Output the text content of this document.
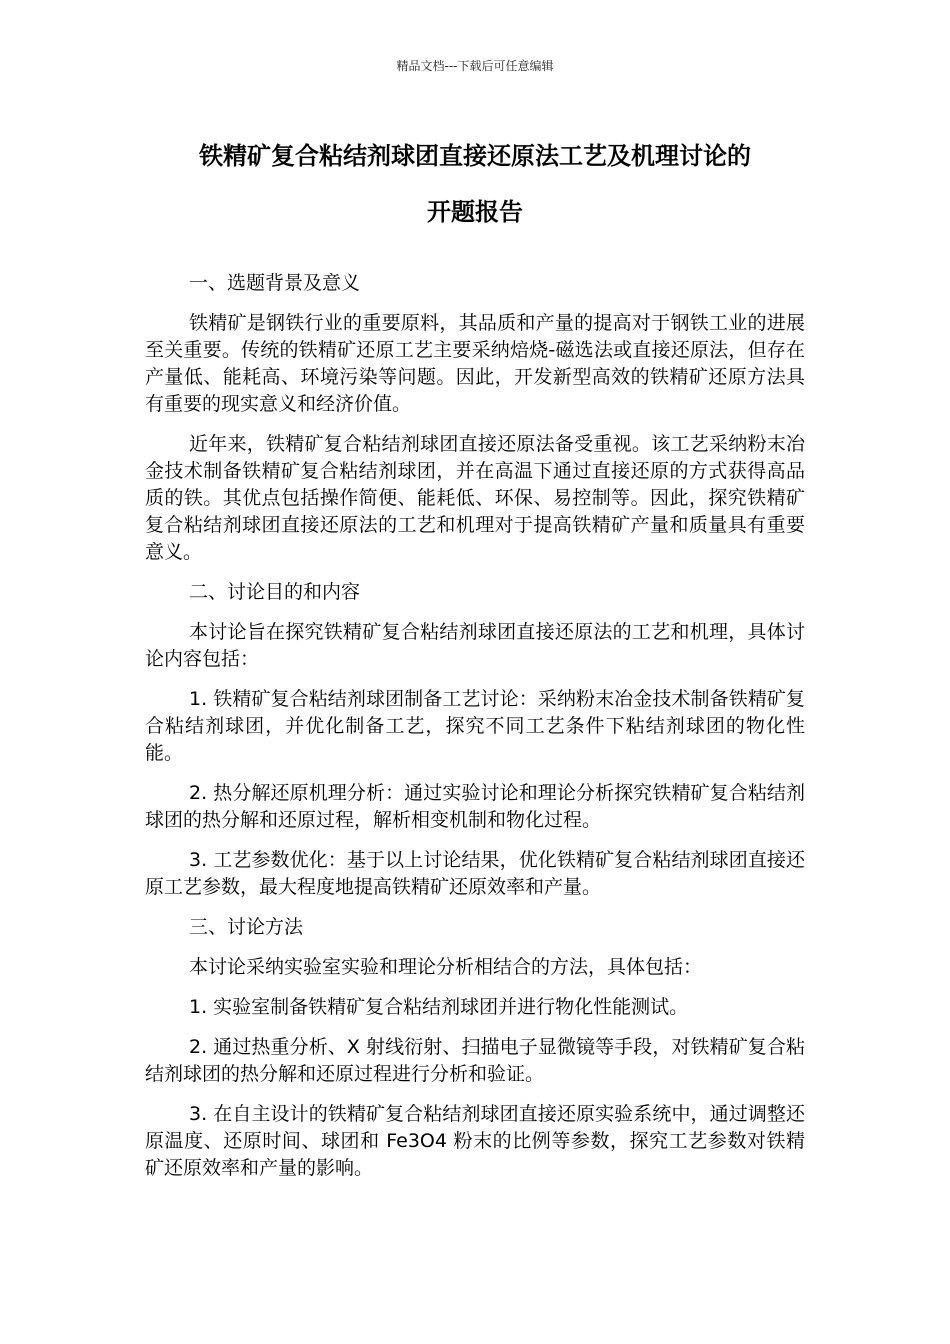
精品文档---下载后可任意编辑
铁精矿复合粘结剂球团直接还原法工艺及机理讨论的
开题报告

一、选题背景及意义

铁精矿是钢铁行业的重要原料，其品质和产量的提高对于钢铁工业的进展至关重要。传统的铁精矿还原工艺主要采纳焙烧-磁选法或直接还原法，但存在产量低、能耗高、环境污染等问题。因此，开发新型高效的铁精矿还原方法具有重要的现实意义和经济价值。

近年来，铁精矿复合粘结剂球团直接还原法备受重视。该工艺采纳粉末冶金技术制备铁精矿复合粘结剂球团，并在高温下通过直接还原的方式获得高品质的铁。其优点包括操作简便、能耗低、环保、易控制等。因此，探究铁精矿复合粘结剂球团直接还原法的工艺和机理对于提高铁精矿产量和质量具有重要意义。

二、讨论目的和内容

本讨论旨在探究铁精矿复合粘结剂球团直接还原法的工艺和机理，具体讨论内容包括：

1. 铁精矿复合粘结剂球团制备工艺讨论：采纳粉末冶金技术制备铁精矿复合粘结剂球团，并优化制备工艺，探究不同工艺条件下粘结剂球团的物化性能。

2. 热分解还原机理分析：通过实验讨论和理论分析探究铁精矿复合粘结剂球团的热分解和还原过程，解析相变机制和物化过程。

3. 工艺参数优化：基于以上讨论结果，优化铁精矿复合粘结剂球团直接还原工艺参数，最大程度地提高铁精矿还原效率和产量。

三、讨论方法

本讨论采纳实验室实验和理论分析相结合的方法，具体包括：

1. 实验室制备铁精矿复合粘结剂球团并进行物化性能测试。

2. 通过热重分析、X 射线衍射、扫描电子显微镜等手段，对铁精矿复合粘结剂球团的热分解和还原过程进行分析和验证。

3. 在自主设计的铁精矿复合粘结剂球团直接还原实验系统中，通过调整还原温度、还原时间、球团和 Fe3O4 粉末的比例等参数，探究工艺参数对铁精矿还原效率和产量的影响。
